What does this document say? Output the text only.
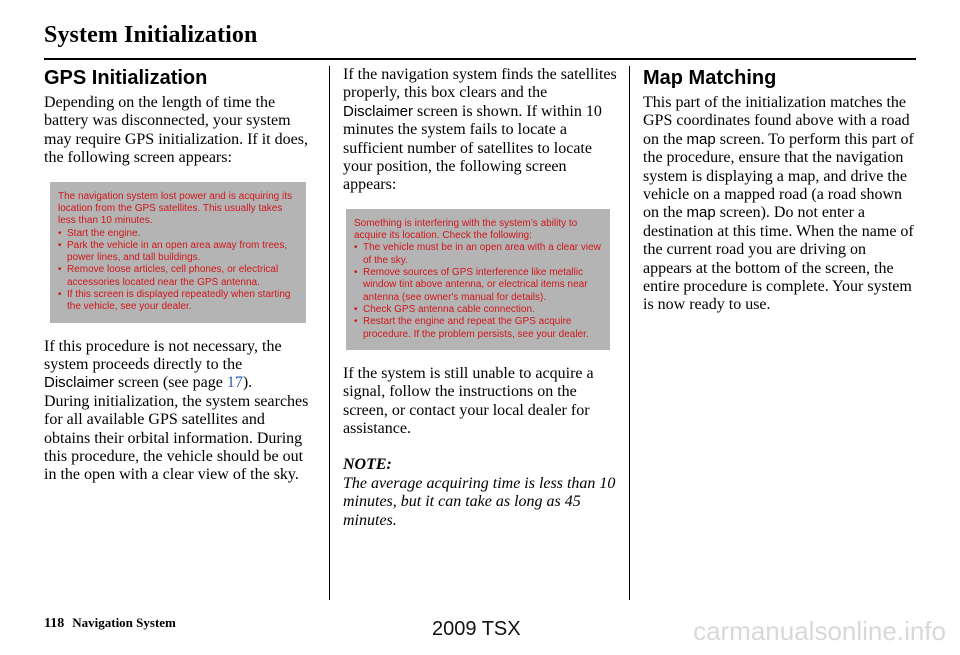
System Initialization
GPS Initialization

Depending on the length of time the battery was disconnected, your system may require GPS initialization. If it does, the following screen appears:

The navigation system lost power and is acquiring its location from the GPS satellites. This usually takes less than 10 minutes.
• Start the engine.
• Park the vehicle in an open area away from trees, power lines, and tall buildings.
• Remove loose articles, cell phones, or electrical accessories located near the GPS antenna.
• If this screen is displayed repeatedly when starting the vehicle, see your dealer.

If this procedure is not necessary, the system proceeds directly to the Disclaimer screen (see page 17).

During initialization, the system searches for all available GPS satellites and obtains their orbital information. During this procedure, the vehicle should be out in the open with a clear view of the sky.

If the navigation system finds the satellites properly, this box clears and the Disclaimer screen is shown. If within 10 minutes the system fails to locate a sufficient number of satellites to locate your position, the following screen appears:

Something is interfering with the system’s ability to acquire its location. Check the following:
• The vehicle must be in an open area with a clear view of the sky.
• Remove sources of GPS interference like metallic window tint above antenna, or electrical items near antenna (see owner's manual for details).
• Check GPS antenna cable connection.
• Restart the engine and repeat the GPS acquire procedure. If the problem persists, see your dealer.

If the system is still unable to acquire a signal, follow the instructions on the screen, or contact your local dealer for assistance.

NOTE:

The average acquiring time is less than 10 minutes, but it can take as long as 45 minutes.

Map Matching

This part of the initialization matches the GPS coordinates found above with a road on the map screen. To perform this part of the procedure, ensure that the navigation system is displaying a map, and drive the vehicle on a mapped road (a road shown on the map screen). Do not enter a destination at this time. When the name of the current road you are driving on appears at the bottom of the screen, the entire procedure is complete. Your system is now ready to use.

118 Navigation System	2009 TSX	carmanualsonline.info
